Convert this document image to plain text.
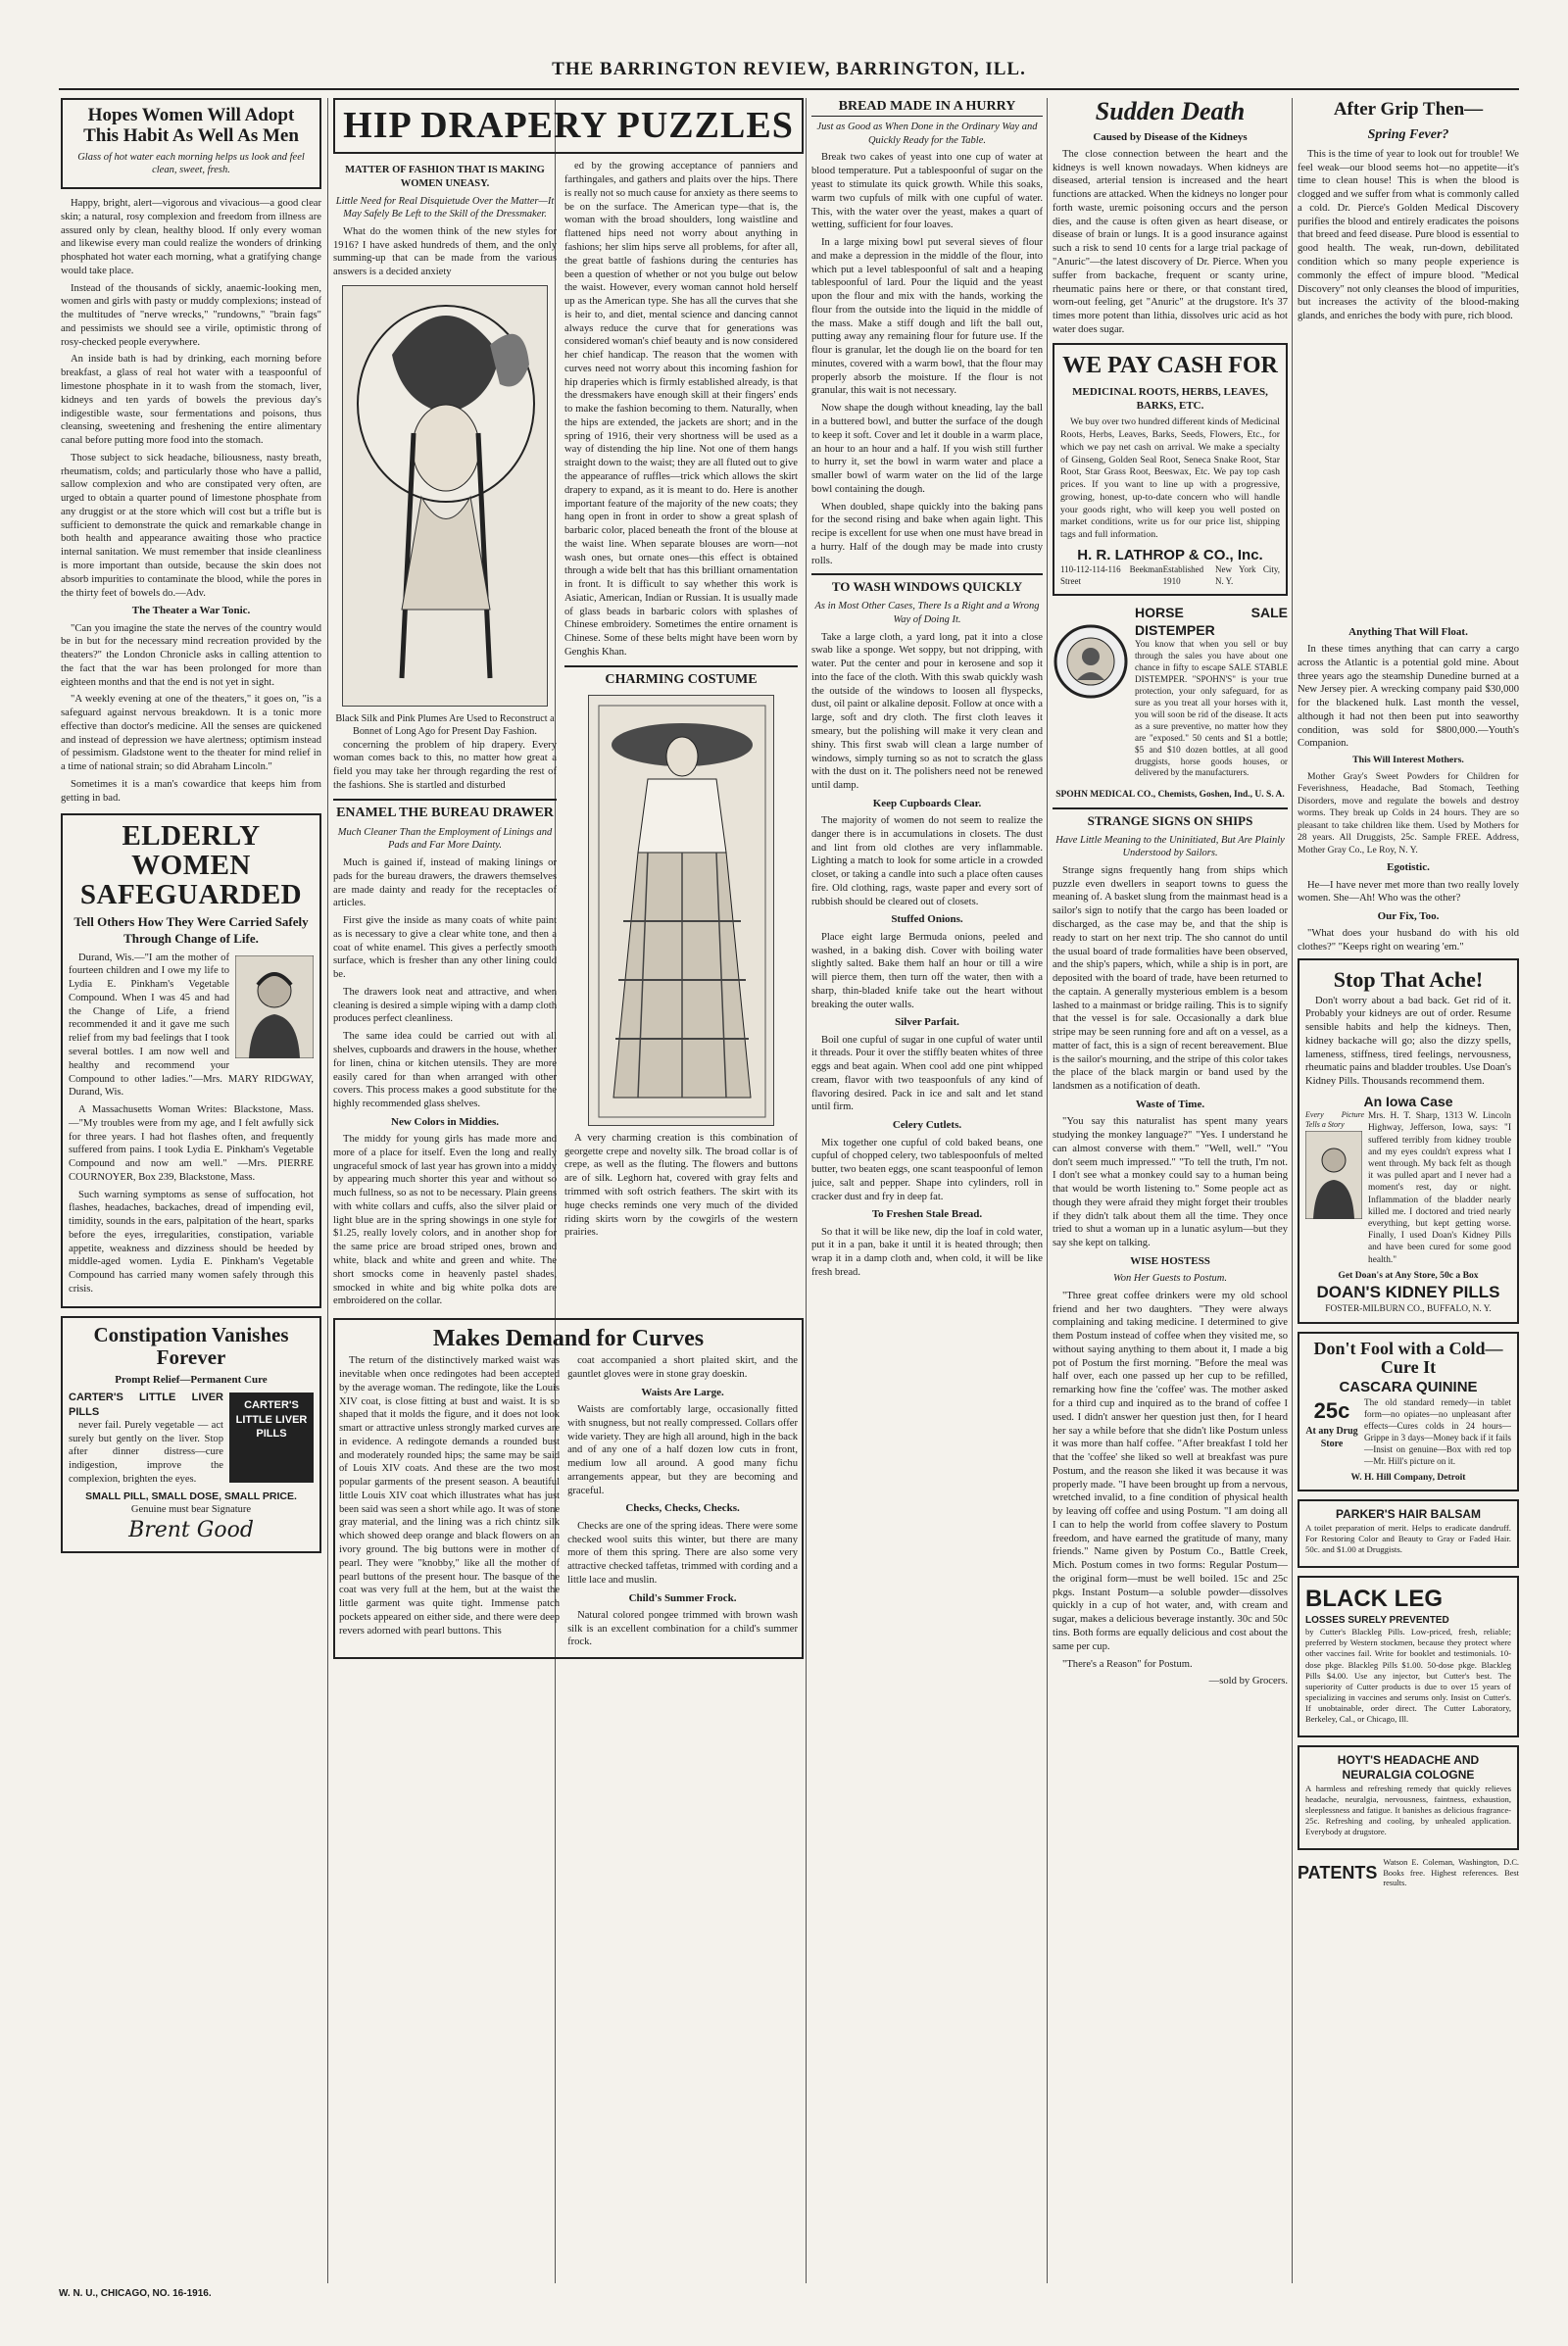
THE BARRINGTON REVIEW, BARRINGTON, ILL.
Hopes Women Will Adopt This Habit As Well As Men
Glass of hot water each morning helps us look and feel clean, sweet, fresh.

Happy, bright, alert—vigorous and vivacious—a good clear skin; a natural, rosy complexion and freedom from illness are assured only by clean, healthy blood. If only every woman and likewise every man could realize the wonders of drinking phosphated hot water each morning, what a gratifying change would take place.

Instead of the thousands of sickly, anaemic-looking men, women and girls with pasty or muddy complexions; instead of the multitudes of "nerve wrecks," "rundowns," "brain fags" and pessimists we should see a virile, optimistic throng of rosy-checked people everywhere.

An inside bath is had by drinking, each morning before breakfast, a glass of real hot water with a teaspoonful of limestone phosphate in it to wash from the stomach, liver, kidneys and ten yards of bowels the previous day's indigestible waste, sour fermentations and poisons, thus cleansing, sweetening and freshening the entire alimentary canal before putting more food into the stomach.

Those subject to sick headache, biliousness, nasty breath, rheumatism, colds; and particularly those who have a pallid, sallow complexion and who are constipated very often, are urged to obtain a quarter pound of limestone phosphate from any druggist or at the store which will cost but a trifle but is sufficient to demonstrate the quick and remarkable change in both health and appearance awaiting those who practice internal sanitation. We must remember that inside cleanliness is more important than outside, because the skin does not absorb impurities to contaminate the blood, while the pores in the thirty feet of bowels do.—Adv.

The Theater a War Tonic.

"Can you imagine the state the nerves of the country would be in but for the necessary mind recreation provided by the theaters?" the London Chronicle asks in calling attention to the fact that the war has been prolonged for more than eighteen months and that the end is not yet in sight.

"A weekly evening at one of the theaters," it goes on, "is a safeguard against nervous breakdown. It is a tonic more effective than doctor's medicine. All the senses are quickened and instead of depression we have alertness; optimism instead of pessimism. Gladstone went to the theater for mind relief in a time of national strain; so did Abraham Lincoln."

Sometimes it is a man's cowardice that keeps him from getting in bad.

ELDERLY WOMEN SAFEGUARDED
Tell Others How They Were Carried Safely Through Change of Life.

Durand, Wis.—"I am the mother of fourteen children and I owe my life to Lydia E. Pinkham's Vegetable Compound. When I was 45 and had the Change of Life, a friend recommended it and it gave me such relief from my bad feelings that I took several bottles. I am now well and healthy and recommend your Compound to other ladies."—Mrs. MARY RIDGWAY, Durand, Wis.

A Massachusetts Woman Writes: Blackstone, Mass.—"My troubles were from my age, and I felt awfully sick for three years. I had hot flashes often, and frequently suffered from pains. I took Lydia E. Pinkham's Vegetable Compound and now am well." —Mrs. PIERRE COURNOYER, Box 239, Blackstone, Mass.

Such warning symptoms as sense of suffocation, hot flashes, headaches, backaches, dread of impending evil, timidity, sounds in the ears, palpitation of the heart, sparks before the eyes, irregularities, constipation, variable appetite, weakness and dizziness should be heeded by middle-aged women. Lydia E. Pinkham's Vegetable Compound has carried many women safely through this crisis.

Constipation Vanishes Forever
Prompt Relief—Permanent Cure
CARTER'S LITTLE LIVER PILLS
CARTER'S LITTLE LIVER PILLS

never fail. Purely vegetable — act surely but gently on the liver. Stop after dinner distress—cure indigestion, improve the complexion, brighten the eyes.

SMALL PILL, SMALL DOSE, SMALL PRICE.
Genuine must bear Signature
Brent Good
W. N. U., CHICAGO, NO. 16-1916.
HIP DRAPERY PUZZLES
MATTER OF FASHION THAT IS MAKING WOMEN UNEASY.
Little Need for Real Disquietude Over the Matter—It May Safely Be Left to the Skill of the Dressmaker.

What do the women think of the new styles for 1916? I have asked hundreds of them, and the only summing-up that can be made from the various answers is a decided anxiety

Black Silk and Pink Plumes Are Used to Reconstruct a Bonnet of Long Ago for Present Day Fashion.

concerning the problem of hip drapery. Every woman comes back to this, no matter how great a field you may take her through regarding the rest of the fashions. She is startled and disturbed

ENAMEL THE BUREAU DRAWER
Much Cleaner Than the Employment of Linings and Pads and Far More Dainty.

Much is gained if, instead of making linings or pads for the bureau drawers, the drawers themselves are made dainty and ready for the receptacles of articles.

First give the inside as many coats of white paint as is necessary to give a clear white tone, and then a coat of white enamel. This gives a perfectly smooth surface, which is fresher than any other lining could be.

The drawers look neat and attractive, and when cleaning is desired a simple wiping with a damp cloth produces perfect cleanliness.

The same idea could be carried out with all shelves, cupboards and drawers in the house, whether for linen, china or kitchen utensils. They are more easily cared for than when arranged with other covers. This process makes a good substitute for the highly recommended glass shelves.

New Colors in Middies.

The middy for young girls has made more and more of a place for itself. Even the long and really ungraceful smock of last year has grown into a middy by appearing much shorter this year and without so much fullness, so as not to be necessary. Plain greens with white collars and cuffs, also the silver plaid or light blue are in the spring showings in one style for $1.25, really lovely colors, and in another shop for the same price are broad striped ones, brown and white, black and white and green and white. The short smocks come in heavenly pastel shades, smocked in white and big white polka dots are embroidered on the collar.

ed by the growing acceptance of panniers and farthingales, and gathers and plaits over the hips. There is really not so much cause for anxiety as there seems to be on the surface. The American type—that is, the woman with the broad shoulders, long waistline and flattened hips need not worry about anything in fashions; her slim hips serve all problems, for after all, the great battle of fashions during the centuries has been a question of whether or not you bulge out below the waist. However, every woman cannot hold herself up as the American type. She has all the curves that she is heir to, and diet, mental science and dancing cannot always reduce the curve that for generations was considered woman's chief beauty and is now considered her chief handicap. The reason that the women with curves need not worry about this incoming fashion for hip draperies which is firmly established already, is that the dressmakers have enough skill at their fingers' ends to make the fashion becoming to them. Naturally, when the hips are extended, the jackets are short; and in the spring of 1916, their very shortness will be used as a way of distending the hip line. Not one of them hangs straight down to the waist; they are all fluted out to give the appearance of ruffles—trick which allows the skirt drapery to expand, as it is meant to do. Here is another important feature of the majority of the new coats; they hang open in front in order to show a great splash of barbaric color, placed beneath the front of the blouse at the waist line. When separate blouses are worn—not wash ones, but ornate ones—this effect is obtained through a wide belt that has this brilliant ornamentation in front. It is difficult to say whether this work is Asiatic, American, Indian or Russian. It is usually made of glass beads in barbaric colors with splashes of Chinese embroidery. Sometimes the entire ornament is Chinese. Some of these belts might have been worn by Genghis Khan.

CHARMING COSTUME

A very charming creation is this combination of georgette crepe and novelty silk. The broad collar is of crepe, as well as the fluting. The flowers and buttons are of silk. Leghorn hat, covered with gray felts and trimmed with soft ostrich feathers. The skirt with its huge checks reminds one very much of the divided riding skirts worn by the cowgirls of the western prairies.

Makes Demand for Curves

The return of the distinctively marked waist was inevitable when once redingotes had been accepted by the average woman. The redingote, like the Louis XIV coat, is close fitting at bust and waist. It is so shaped that it molds the figure, and it does not look smart or attractive unless strongly marked curves are in evidence. A redingote demands a rounded bust and moderately rounded hips; the same may be said of Louis XIV coats. And these are the two most popular garments of the present season. A beautiful little Louis XIV coat which illustrates what has just been said was seen a short while ago. It was of stone gray material, and the lining was a rich chintz silk which showed deep orange and black flowers on an ivory ground. The big buttons were in mother of pearl. They were "knobby," like all the mother of pearl buttons of the present hour. The basque of the coat was very full at the hem, but at the waist the little garment was quite tight. Immense patch pockets appeared on either side, and there were deep revers adorned with pearl buttons. This

coat accompanied a short plaited skirt, and the gauntlet gloves were in stone gray doeskin.

Waists Are Large.

Waists are comfortably large, occasionally fitted with snugness, but not really compressed. Collars offer wide variety. They are high all around, high in the back and of any one of a half dozen low cuts in front, medium low all around. A good many fichu arrangements appear, but they are becoming and graceful.

Checks, Checks, Checks.

Checks are one of the spring ideas. There were some checked wool suits this winter, but there are many more of them this spring. There are also some very attractive checked taffetas, trimmed with cording and a little lace and muslin.

Child's Summer Frock.

Natural colored pongee trimmed with brown wash silk is an excellent combination for a child's summer frock.

BREAD MADE IN A HURRY
Just as Good as When Done in the Ordinary Way and Quickly Ready for the Table.

Break two cakes of yeast into one cup of water at blood temperature. Put a tablespoonful of sugar on the yeast to stimulate its quick growth. While this soaks, warm two cupfuls of milk with one cupful of water. This, with the water over the yeast, makes a quart of wetting, sufficient for four loaves.

In a large mixing bowl put several sieves of flour and make a depression in the middle of the flour, into which put a level tablespoonful of salt and a heaping tablespoonful of lard. Pour the liquid and the yeast upon the flour and mix with the hands, working the flour from the outside into the liquid in the middle of the mass. Make a stiff dough and lift the ball out, putting away any remaining flour for future use. If the flour is granular, let the dough lie on the board for ten minutes, covered with a warm bowl, that the flour may properly absorb the moisture. If the flour is not granular, this wait is not necessary.

Now shape the dough without kneading, lay the ball in a buttered bowl, and butter the surface of the dough to keep it soft. Cover and let it double in a warm place, an hour to an hour and a half. If you wish still further to hurry it, set the bowl in warm water and place a smaller bowl of warm water on the lid of the large bowl containing the dough.

When doubled, shape quickly into the baking pans for the second rising and bake when again light. This recipe is excellent for use when one must have bread in a hurry. Half of the dough may be made into crusty rolls.

TO WASH WINDOWS QUICKLY
As in Most Other Cases, There Is a Right and a Wrong Way of Doing It.

Take a large cloth, a yard long, pat it into a close swab like a sponge. Wet soppy, but not dripping, with water. Put the center and pour in kerosene and sop it into the face of the cloth. With this swab quickly wash the outside of the windows to loosen all flyspecks, dust, oil paint or alkaline deposit. Follow at once with a large, soft and dry cloth. The first cloth leaves it smeary, but the polishing will make it very clean and shiny. This first swab will clean a large number of windows, simply turning so as not to scratch the glass with the dust on it. The polishers need not be renewed until damp.

Keep Cupboards Clear.

The majority of women do not seem to realize the danger there is in accumulations in closets. The dust and lint from old clothes are very inflammable. Lighting a match to look for some article in a crowded closet, or taking a candle into such a place often causes fire. Old clothing, rags, waste paper and every sort of rubbish should be cleared out of closets.

Stuffed Onions.

Place eight large Bermuda onions, peeled and washed, in a baking dish. Cover with boiling water slightly salted. Bake them half an hour or till a wire will pierce them, then turn off the water, then with a sharp, thin-bladed knife take out the heart without breaking the outer walls.

Silver Parfait.

Boil one cupful of sugar in one cupful of water until it threads. Pour it over the stiffly beaten whites of three eggs and beat again. When cool add one pint whipped cream, flavor with two teaspoonfuls of any kind of flavoring desired. Pack in ice and salt and let stand until firm.

Celery Cutlets.

Mix together one cupful of cold baked beans, one cupful of chopped celery, two tablespoonfuls of melted butter, two beaten eggs, one scant teaspoonful of lemon juice, salt and pepper. Shape into cylinders, roll in cracker dust and fry in deep fat.

To Freshen Stale Bread.

So that it will be like new, dip the loaf in cold water, put it in a pan, bake it until it is heated through; then wrap it in a damp cloth and, when cold, it will be like fresh bread.

Sudden Death
Caused by Disease of the Kidneys

The close connection between the heart and the kidneys is well known nowadays. When kidneys are diseased, arterial tension is increased and the heart functions are attacked. When the kidneys no longer pour forth waste, uremic poisoning occurs and the person dies, and the cause is often given as heart disease, or disease of brain or lungs. It is a good insurance against such a risk to send 10 cents for a large trial package of "Anuric"—the latest discovery of Dr. Pierce. When you suffer from backache, frequent or scanty urine, rheumatic pains here or there, or that constant tired, worn-out feeling, get "Anuric" at the drugstore. It's 37 times more potent than lithia, dissolves uric acid as hot water does sugar.

WE PAY CASH FOR
MEDICINAL ROOTS, HERBS, LEAVES, BARKS, ETC.

We buy over two hundred different kinds of Medicinal Roots, Herbs, Leaves, Barks, Seeds, Flowers, Etc., for which we pay net cash on arrival. We make a specialty of Ginseng, Golden Seal Root, Seneca Snake Root, Star Root, Star Grass Root, Beeswax, Etc. We pay top cash prices. If you want to line up with a progressive, growing, honest, up-to-date concern who will handle your goods right, who will keep you well posted on market conditions, write us for our price list, shipping tags and full information.

H. R. LATHROP & CO., Inc.
110-112-114-116 Beekman Street
Established 1910
New York City, N. Y.
HORSE SALE DISTEMPER

You know that when you sell or buy through the sales you have about one chance in fifty to escape SALE STABLE DISTEMPER. "SPOHN'S" is your true protection, your only safeguard, for as sure as you treat all your horses with it, you will soon be rid of the disease. It acts as a sure preventive, no matter how they are "exposed." 50 cents and $1 a bottle; $5 and $10 dozen bottles, at all good druggists, horse goods houses, or delivered by the manufacturers.

SPOHN MEDICAL CO., Chemists, Goshen, Ind., U. S. A.
STRANGE SIGNS ON SHIPS
Have Little Meaning to the Uninitiated, But Are Plainly Understood by Sailors.

Strange signs frequently hang from ships which puzzle even dwellers in seaport towns to guess the meaning of. A basket slung from the mainmast head is a sailor's sign to notify that the cargo has been loaded or discharged, as the case may be, and that the ship is ready to start on her next trip. The sho cannot do until the usual board of trade formalities have been observed, and the ship's papers, which, while a ship is in port, are deposited with the board of trade, have been returned to the captain. A generally mysterious emblem is a besom lashed to a mainmast or bridge railing. This is to signify that the vessel is for sale. Occasionally a dark blue stripe may be seen running fore and aft on a vessel, as a matter of fact, this is a sign of recent bereavement. Blue is the sailor's mourning, and the stripe of this color takes the place of the black margin or band used by the landsmen as a notification of death.

Waste of Time.

"You say this naturalist has spent many years studying the monkey language?" "Yes. I understand he can almost converse with them." "Well, well." "You don't seem much impressed." "To tell the truth, I'm not. I don't see what a monkey could say to a human being that would be worth listening to." Some people act as though they were afraid they might forget their troubles if they didn't talk about them all the time. They once tried to shut a woman up in a lunatic asylum—but they say she kept on talking.

WISE HOSTESS
Won Her Guests to Postum.

"Three great coffee drinkers were my old school friend and her two daughters. "They were always complaining and taking medicine. I determined to give them Postum instead of coffee when they visited me, so without saying anything to them about it, I made a big pot of Postum the first morning. "Before the meal was half over, each one passed up her cup to be refilled, remarking how fine the 'coffee' was. The mother asked for a third cup and inquired as to the brand of coffee I used. I didn't answer her question just then, for I heard her say a while before that she didn't like Postum unless it was more than half coffee. "After breakfast I told her that the 'coffee' she liked so well at breakfast was pure Postum, and the reason she liked it was because it was properly made. "I have been brought up from a nervous, wretched invalid, to a fine condition of physical health by leaving off coffee and using Postum. "I am doing all I can to help the world from coffee slavery to Postum freedom, and have earned the gratitude of many, many friends." Name given by Postum Co., Battle Creek, Mich. Postum comes in two forms: Regular Postum—the original form—must be well boiled. 15c and 25c pkgs. Instant Postum—a soluble powder—dissolves quickly in a cup of hot water, and, with cream and sugar, makes a delicious beverage instantly. 30c and 50c tins. Both forms are equally delicious and cost about the same per cup.

"There's a Reason" for Postum.

—sold by Grocers.

After Grip Then—
Spring Fever?

This is the time of year to look out for trouble! We feel weak—our blood seems hot—no appetite—it's time to clean house! This is when the blood is clogged and we suffer from what is commonly called a cold. Dr. Pierce's Golden Medical Discovery purifies the blood and entirely eradicates the poisons that breed and feed disease. Pure blood is essential to good health. The weak, run-down, debilitated condition which so many people experience is commonly the effect of impure blood. "Medical Discovery" not only cleanses the blood of impurities, but increases the activity of the blood-making glands, and enriches the body with pure, rich blood.

Anything That Will Float.

In these times anything that can carry a cargo across the Atlantic is a potential gold mine. About three years ago the steamship Dunedine burned at a New Jersey pier. A wrecking company paid $30,000 for the blackened hulk. Last month the vessel, although it had not then been put into seaworthy condition, was sold for $800,000.—Youth's Companion.

This Will Interest Mothers.

Mother Gray's Sweet Powders for Children for Feverishness, Headache, Bad Stomach, Teething Disorders, move and regulate the bowels and destroy worms. They break up Colds in 24 hours. They are so pleasant to take children like them. Used by Mothers for 28 years. All Druggists, 25c. Sample FREE. Address, Mother Gray Co., Le Roy, N. Y.

Egotistic.

He—I have never met more than two really lovely women. She—Ah! Who was the other?

Our Fix, Too.

"What does your husband do with his old clothes?" "Keeps right on wearing 'em."

Stop That Ache!

Don't worry about a bad back. Get rid of it. Probably your kidneys are out of order. Resume sensible habits and help the kidneys. Then, kidney backache will go; also the dizzy spells, lameness, stiffness, tired feelings, nervousness, rheumatic pains and bladder troubles. Use Doan's Kidney Pills. Thousands recommend them.

An Iowa Case
Every Picture Tells a Story

Mrs. H. T. Sharp, 1313 W. Lincoln Highway, Jefferson, Iowa, says: "I suffered terribly from kidney trouble and my eyes couldn't express what I went through. My back felt as though it was pulled apart and I never had a moment's rest, day or night. Inflammation of the bladder nearly killed me. I doctored and tried nearly everything, but kept getting worse. Finally, I used Doan's Kidney Pills and have been cured for some good health."

Get Doan's at Any Store, 50c a Box
DOAN'S KIDNEY PILLS
FOSTER-MILBURN CO., BUFFALO, N. Y.
Don't Fool with a Cold—Cure It
CASCARA QUININE
25c
At any Drug Store

The old standard remedy—in tablet form—no opiates—no unpleasant after effects—Cures colds in 24 hours—Grippe in 3 days—Money back if it fails—Insist on genuine—Box with red top—Mr. Hill's picture on it.

W. H. Hill Company, Detroit
PARKER'S HAIR BALSAM

A toilet preparation of merit. Helps to eradicate dandruff. For Restoring Color and Beauty to Gray or Faded Hair. 50c. and $1.00 at Druggists.

BLACK LEG
LOSSES SURELY PREVENTED

by Cutter's Blackleg Pills. Low-priced, fresh, reliable; preferred by Western stockmen, because they protect where other vaccines fail. Write for booklet and testimonials. 10-dose pkge. Blackleg Pills $1.00. 50-dose pkge. Blackleg Pills $4.00. Use any injector, but Cutter's best. The superiority of Cutter products is due to over 15 years of specializing in vaccines and serums only. Insist on Cutter's. If unobtainable, order direct. The Cutter Laboratory, Berkeley, Cal., or Chicago, Ill.

HOYT'S HEADACHE AND NEURALGIA COLOGNE

A harmless and refreshing remedy that quickly relieves headache, neuralgia, nervousness, faintness, exhaustion, sleeplessness and fatigue. It banishes as delicious fragrance-25c. Refreshing and cooling, by unhealed application. Everybody at drugstore.

PATENTS
Watson E. Coleman, Washington, D.C. Books free. Highest references. Best results.
